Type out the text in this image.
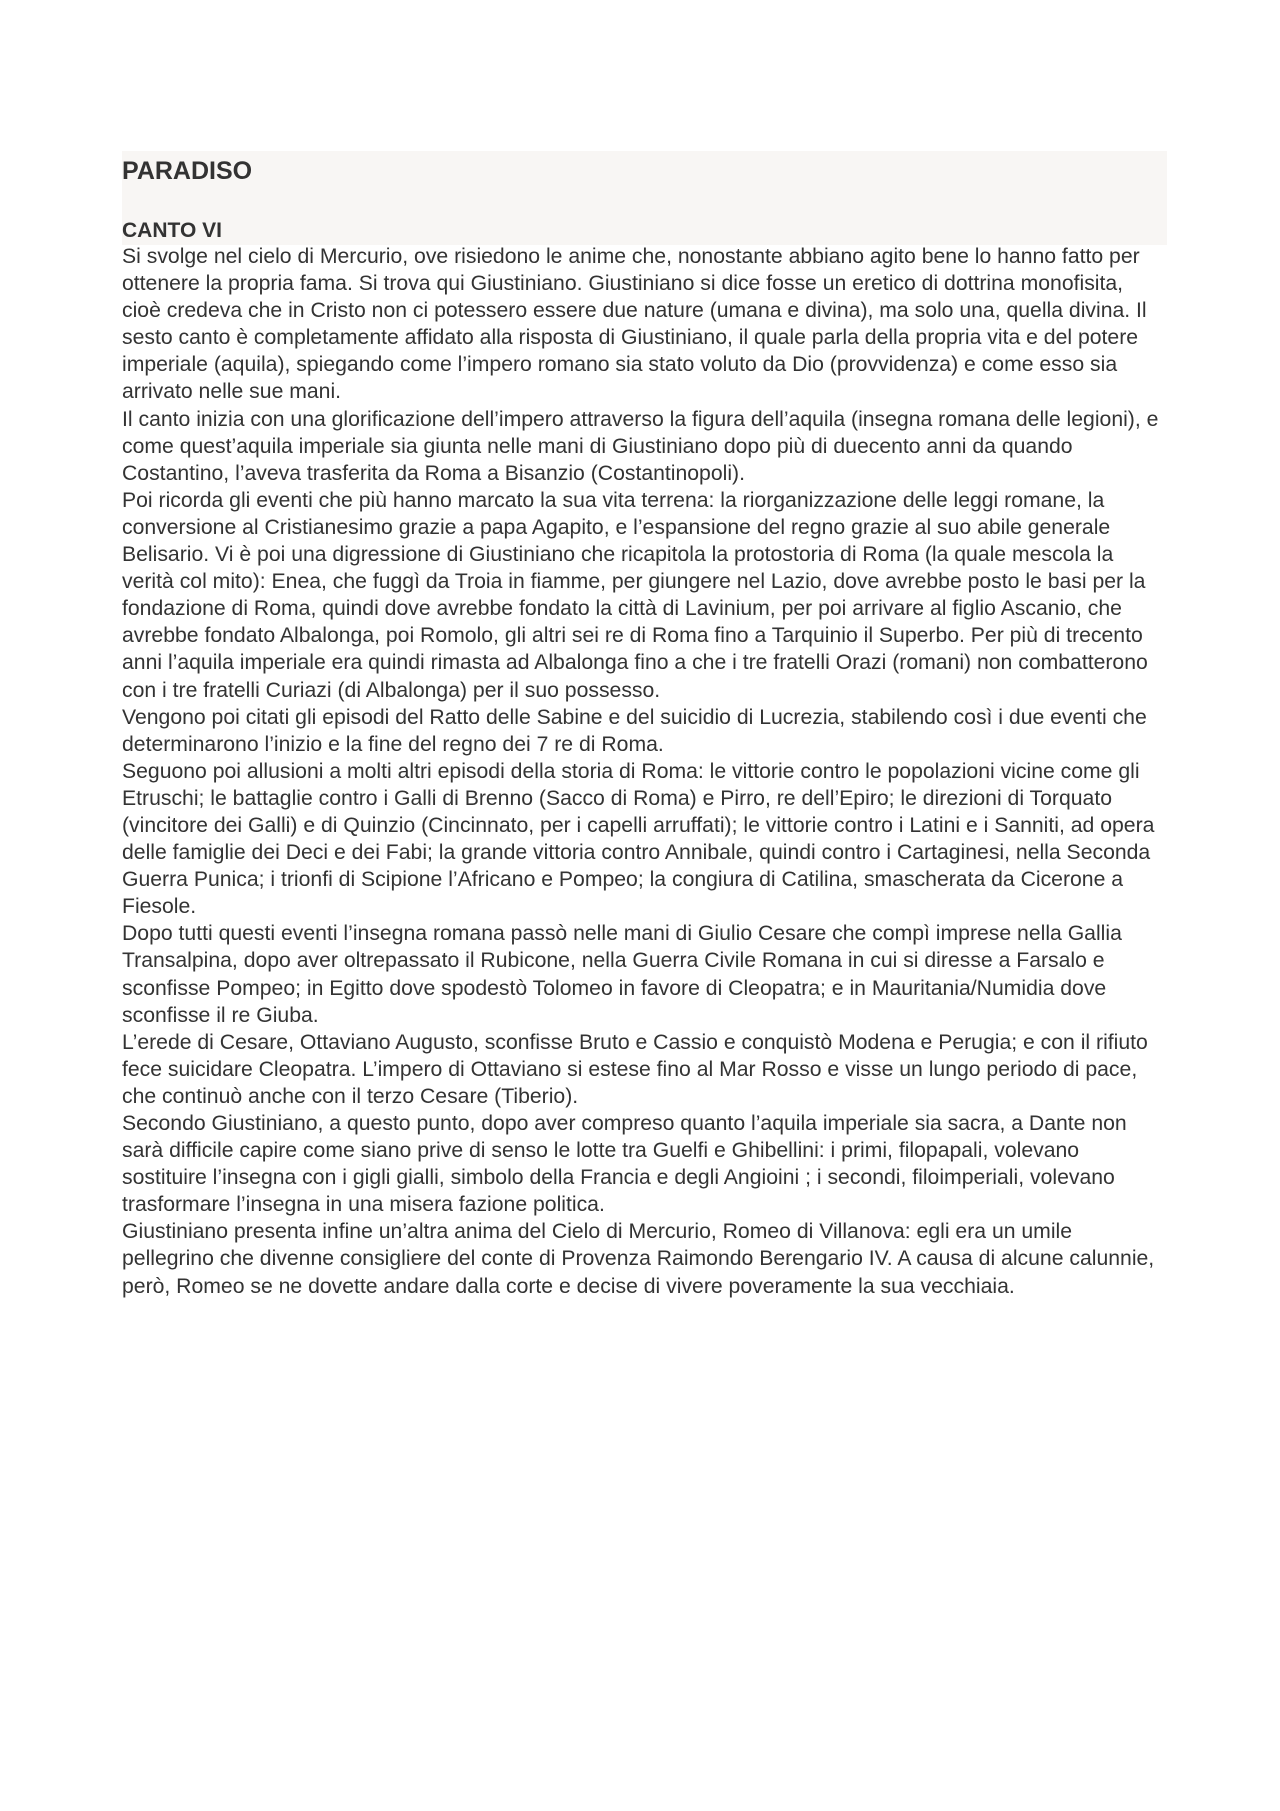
PARADISO
CANTO VI

Si svolge nel cielo di Mercurio, ove risiedono le anime che, nonostante abbiano agito bene lo hanno fatto per ottenere la propria fama. Si trova qui Giustiniano. Giustiniano si dice fosse un eretico di dottrina monofisita, cioè credeva che in Cristo non ci potessero essere due nature (umana e divina), ma solo una, quella divina. Il sesto canto è completamente affidato alla risposta di Giustiniano, il quale parla della propria vita e del potere imperiale (aquila), spiegando come l’impero romano sia stato voluto da Dio (provvidenza) e come esso sia arrivato nelle sue mani.

Il canto inizia con una glorificazione dell’impero attraverso la figura dell’aquila (insegna romana delle legioni), e come quest’aquila imperiale sia giunta nelle mani di Giustiniano dopo più di duecento anni da quando Costantino, l’aveva trasferita da Roma a Bisanzio (Costantinopoli).

Poi ricorda gli eventi che più hanno marcato la sua vita terrena: la riorganizzazione delle leggi romane, la conversione al Cristianesimo grazie a papa Agapito, e l’espansione del regno grazie al suo abile generale Belisario. Vi è poi una digressione di Giustiniano che ricapitola la protostoria di Roma (la quale mescola la verità col mito): Enea, che fuggì da Troia in fiamme, per giungere nel Lazio, dove avrebbe posto le basi per la fondazione di Roma, quindi dove avrebbe fondato la città di Lavinium, per poi arrivare al figlio Ascanio, che avrebbe fondato Albalonga, poi Romolo, gli altri sei re di Roma fino a Tarquinio il Superbo. Per più di trecento anni l’aquila imperiale era quindi rimasta ad Albalonga fino a che i tre fratelli Orazi (romani) non combatterono con i tre fratelli Curiazi (di Albalonga) per il suo possesso.

Vengono poi citati gli episodi del Ratto delle Sabine e del suicidio di Lucrezia, stabilendo così i due eventi che determinarono l’inizio e la fine del regno dei 7 re di Roma.

Seguono poi allusioni a molti altri episodi della storia di Roma: le vittorie contro le popolazioni vicine come gli Etruschi; le battaglie contro i Galli di Brenno (Sacco di Roma) e Pirro, re dell’Epiro; le direzioni di Torquato (vincitore dei Galli) e di Quinzio (Cincinnato, per i capelli arruffati); le vittorie contro i Latini e i Sanniti, ad opera delle famiglie dei Deci e dei Fabi; la grande vittoria contro Annibale, quindi contro i Cartaginesi, nella Seconda Guerra Punica; i trionfi di Scipione l’Africano e Pompeo; la congiura di Catilina, smascherata da Cicerone a Fiesole.

Dopo tutti questi eventi l’insegna romana passò nelle mani di Giulio Cesare che compì imprese nella Gallia Transalpina, dopo aver oltrepassato il Rubicone, nella Guerra Civile Romana in cui si diresse a Farsalo e sconfisse Pompeo; in Egitto dove spodestò Tolomeo in favore di Cleopatra; e in Mauritania/Numidia dove sconfisse il re Giuba.

L’erede di Cesare, Ottaviano Augusto, sconfisse Bruto e Cassio e conquistò Modena e Perugia; e con il rifiuto fece suicidare Cleopatra. L’impero di Ottaviano si estese fino al Mar Rosso e visse un lungo periodo di pace, che continuò anche con il terzo Cesare (Tiberio).

Secondo Giustiniano, a questo punto, dopo aver compreso quanto l’aquila imperiale sia sacra, a Dante non sarà difficile capire come siano prive di senso le lotte tra Guelfi e Ghibellini: i primi, filopapali, volevano sostituire l’insegna con i gigli gialli, simbolo della Francia e degli Angioini ; i secondi, filoimperiali, volevano trasformare l’insegna in una misera fazione politica.

Giustiniano presenta infine un’altra anima del Cielo di Mercurio, Romeo di Villanova: egli era un umile pellegrino che divenne consigliere del conte di Provenza Raimondo Berengario IV. A causa di alcune calunnie, però, Romeo se ne dovette andare dalla corte e decise di vivere poveramente la sua vecchiaia.
